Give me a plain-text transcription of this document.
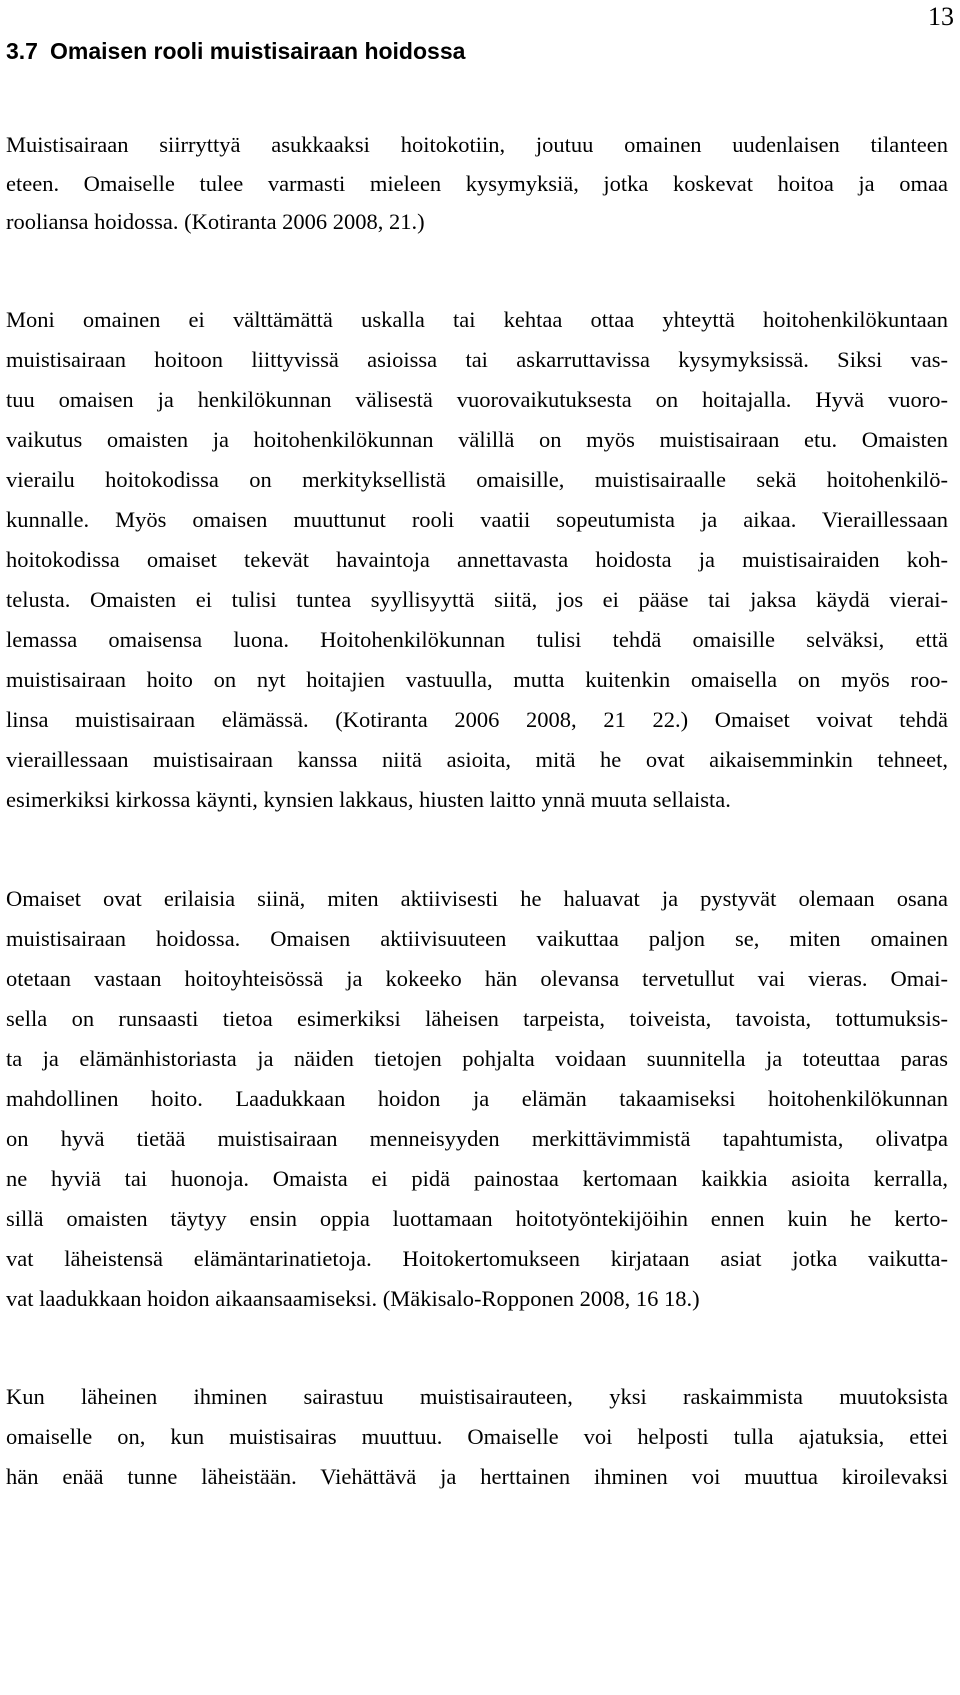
13
3.7 Omaisen rooli muistisairaan hoidossa
Muistisairaan siirryttyä asukkaaksi hoitokotiin, joutuu omainen uudenlaisen tilanteen
eteen. Omaiselle tulee varmasti mieleen kysymyksiä, jotka koskevat hoitoa ja omaa
rooliansa hoidossa. (Kotiranta 2006 2008, 21.)
Moni omainen ei välttämättä uskalla tai kehtaa ottaa yhteyttä hoitohenkilökuntaan
muistisairaan hoitoon liittyvissä asioissa tai askarruttavissa kysymyksissä. Siksi vas-
tuu omaisen ja henkilökunnan välisestä vuorovaikutuksesta on hoitajalla. Hyvä vuoro-
vaikutus omaisten ja hoitohenkilökunnan välillä on myös muistisairaan etu. Omaisten
vierailu hoitokodissa on merkityksellistä omaisille, muistisairaalle sekä hoitohenkilö-
kunnalle. Myös omaisen muuttunut rooli vaatii sopeutumista ja aikaa. Vieraillessaan
hoitokodissa omaiset tekevät havaintoja annettavasta hoidosta ja muistisairaiden koh-
telusta. Omaisten ei tulisi tuntea syyllisyyttä siitä, jos ei pääse tai jaksa käydä vierai-
lemassa omaisensa luona. Hoitohenkilökunnan tulisi tehdä omaisille selväksi, että
muistisairaan hoito on nyt hoitajien vastuulla, mutta kuitenkin omaisella on myös roo-
linsa muistisairaan elämässä. (Kotiranta 2006 2008, 21 22.) Omaiset voivat tehdä
vieraillessaan muistisairaan kanssa niitä asioita, mitä he ovat aikaisemminkin tehneet,
esimerkiksi kirkossa käynti, kynsien lakkaus, hiusten laitto ynnä muuta sellaista.
Omaiset ovat erilaisia siinä, miten aktiivisesti he haluavat ja pystyvät olemaan osana
muistisairaan hoidossa. Omaisen aktiivisuuteen vaikuttaa paljon se, miten omainen
otetaan vastaan hoitoyhteisössä ja kokeeko hän olevansa tervetullut vai vieras. Omai-
sella on runsaasti tietoa esimerkiksi läheisen tarpeista, toiveista, tavoista, tottumuksis-
ta ja elämänhistoriasta ja näiden tietojen pohjalta voidaan suunnitella ja toteuttaa paras
mahdollinen hoito. Laadukkaan hoidon ja elämän takaamiseksi hoitohenkilökunnan
on hyvä tietää muistisairaan menneisyyden merkittävimmistä tapahtumista, olivatpa
ne hyviä tai huonoja. Omaista ei pidä painostaa kertomaan kaikkia asioita kerralla,
sillä omaisten täytyy ensin oppia luottamaan hoitotyöntekijöihin ennen kuin he kerto-
vat läheistensä elämäntarinatietoja. Hoitokertomukseen kirjataan asiat jotka vaikutta-
vat laadukkaan hoidon aikaansaamiseksi. (Mäkisalo-Ropponen 2008, 16 18.)
Kun läheinen ihminen sairastuu muistisairauteen, yksi raskaimmista muutoksista
omaiselle on, kun muistisairas muuttuu. Omaiselle voi helposti tulla ajatuksia, ettei
hän enää tunne läheistään. Viehättävä ja herttainen ihminen voi muuttua kiroilevaksi
